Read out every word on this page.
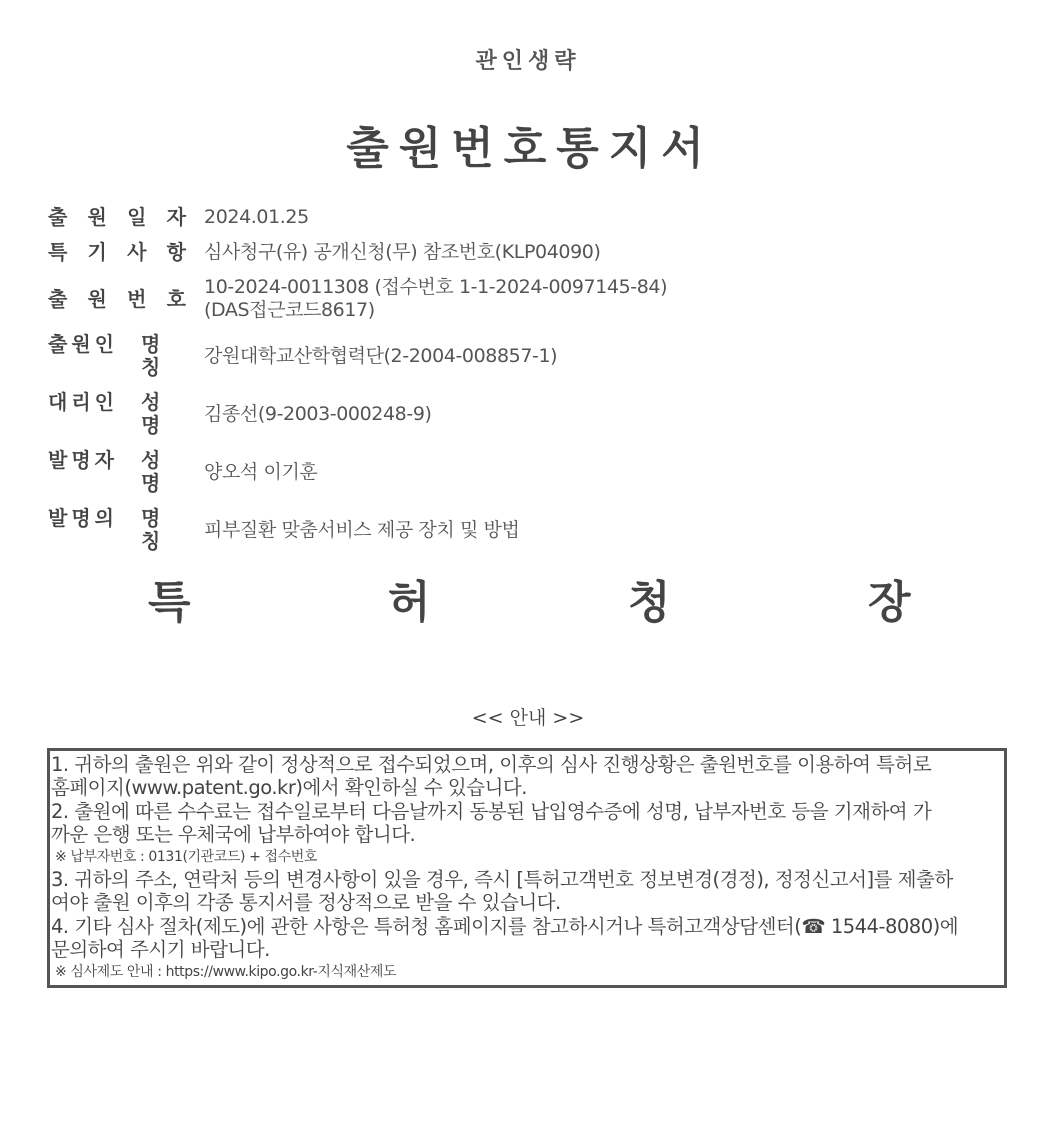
관인생략
출원번호통지서
출 원 일 자 2024.01.25
특 기 사 항 심사청구(유) 공개신청(무) 참조번호(KLP04090)
출 원 번 호 10-2024-0011308 (접수번호 1-1-2024-0097145-84)
(DAS접근코드8617)
출원인	명칭	강원대학교산학협력단(2-2004-008857-1)
대리인	성명	김종선(9-2003-000248-9)
발명자	성명	양오석 이기훈
발명의	명칭	피부질환 맞춤서비스 제공 장치 및 방법
특	허	청	장
<< 안내 >>
1. 귀하의 출원은 위와 같이 정상적으로 접수되었으며, 이후의 심사 진행상황은 출원번호를 이용하여 특허로
홈페이지(www.patent.go.kr)에서 확인하실 수 있습니다.
2. 출원에 따른 수수료는 접수일로부터 다음날까지 동봉된 납입영수증에 성명, 납부자번호 등을 기재하여 가
까운 은행 또는 우체국에 납부하여야 합니다.
※ 납부자번호 : 0131(기관코드) + 접수번호
3. 귀하의 주소, 연락처 등의 변경사항이 있을 경우, 즉시 [특허고객번호 정보변경(경정), 정정신고서]를 제출하
여야 출원 이후의 각종 통지서를 정상적으로 받을 수 있습니다.
4. 기타 심사 절차(제도)에 관한 사항은 특허청 홈페이지를 참고하시거나 특허고객상담센터(☎ 1544-8080)에
문의하여 주시기 바랍니다.
※ 심사제도 안내 : https://www.kipo.go.kr-지식재산제도
